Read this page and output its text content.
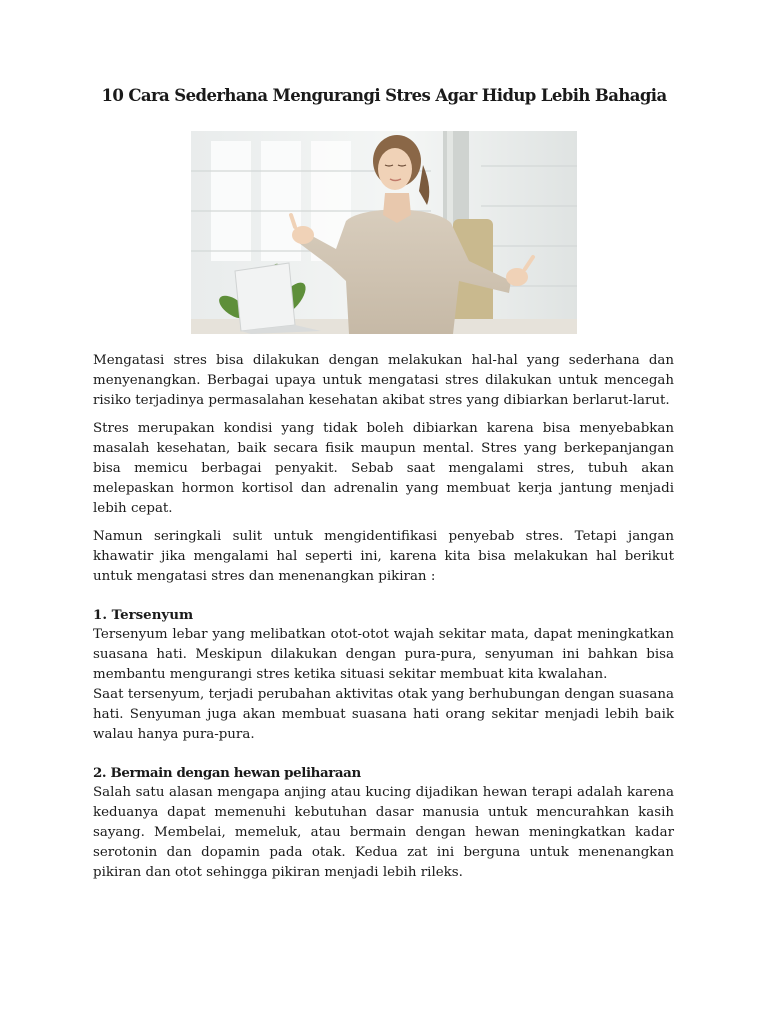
10 Cara Sederhana Mengurangi Stres Agar Hidup Lebih Bahagia

Mengatasi stres bisa dilakukan dengan melakukan hal-hal yang sederhana dan menyenangkan. Berbagai upaya untuk mengatasi stres dilakukan untuk mencegah risiko terjadinya permasalahan kesehatan akibat stres yang dibiarkan berlarut-larut.

Stres merupakan kondisi yang tidak boleh dibiarkan karena bisa menyebabkan masalah kesehatan, baik secara fisik maupun mental. Stres yang berkepanjangan bisa memicu berbagai penyakit. Sebab saat mengalami stres, tubuh akan melepaskan hormon kortisol dan adrenalin yang membuat kerja jantung menjadi lebih cepat.

Namun seringkali sulit untuk mengidentifikasi penyebab stres. Tetapi jangan khawatir jika mengalami hal seperti ini, karena kita bisa melakukan hal berikut untuk mengatasi stres dan menenangkan pikiran :

1. Tersenyum

Tersenyum lebar yang melibatkan otot-otot wajah sekitar mata, dapat meningkatkan suasana hati. Meskipun dilakukan dengan pura-pura, senyuman ini bahkan bisa membantu mengurangi stres ketika situasi sekitar membuat kita kwalahan.

Saat tersenyum, terjadi perubahan aktivitas otak yang berhubungan dengan suasana hati. Senyuman juga akan membuat suasana hati orang sekitar menjadi lebih baik walau hanya pura-pura.

2. Bermain dengan hewan peliharaan

Salah satu alasan mengapa anjing atau kucing dijadikan hewan terapi adalah karena keduanya dapat memenuhi kebutuhan dasar manusia untuk mencurahkan kasih sayang. Membelai, memeluk, atau bermain dengan hewan meningkatkan kadar serotonin dan dopamin pada otak. Kedua zat ini berguna untuk menenangkan pikiran dan otot sehingga pikiran menjadi lebih rileks.
